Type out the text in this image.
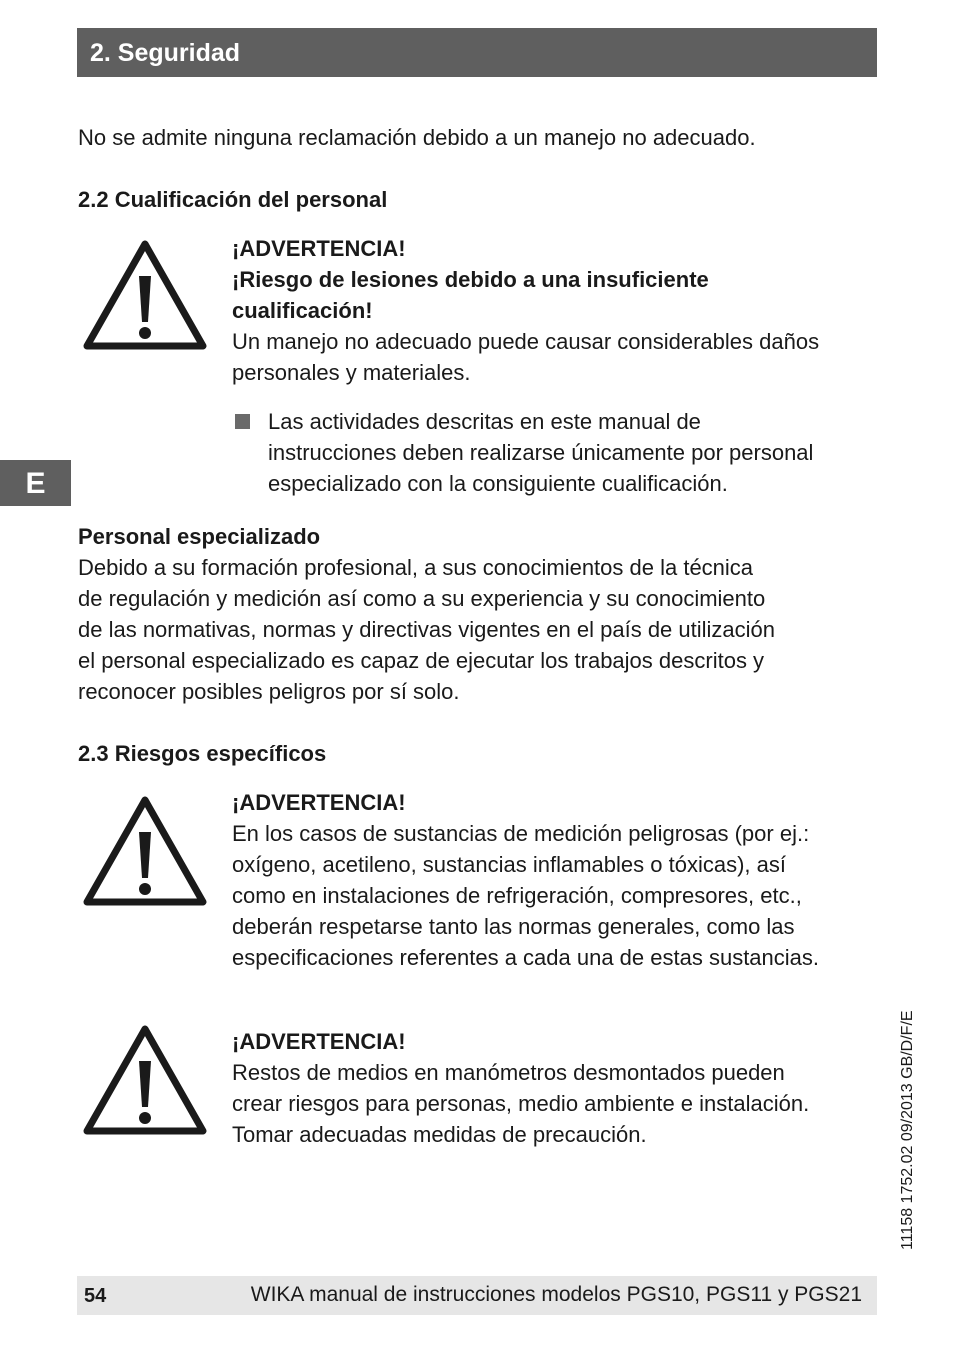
2. Seguridad
E
No se admite ninguna reclamación debido a un manejo no adecuado.
2.2 Cualificación del personal
¡ADVERTENCIA!
¡Riesgo de lesiones debido a una insuficiente
cualificación!
Un manejo no adecuado puede causar considerables daños
personales y materiales.
Las actividades descritas en este manual de
instrucciones deben realizarse únicamente por personal
especializado con la consiguiente cualificación.
Personal especializado
Debido a su formación profesional, a sus conocimientos de la técnica
de regulación y medición así como a su experiencia y su conocimiento
de las normativas, normas y directivas vigentes en el país de utilización
el personal especializado es capaz de ejecutar los trabajos descritos y
reconocer posibles peligros por sí solo.
2.3 Riesgos específicos
¡ADVERTENCIA!
En los casos de sustancias de medición peligrosas (por ej.:
oxígeno, acetileno, sustancias inflamables o tóxicas), así
como en instalaciones de refrigeración, compresores, etc.,
deberán respetarse tanto las normas generales, como las
especificaciones referentes a cada una de estas sustancias.
¡ADVERTENCIA!
Restos de medios en manómetros desmontados pueden
crear riesgos para personas, medio ambiente e instalación.
Tomar adecuadas medidas de precaución.	11158 1752.02 09/2013 GB/D/F/E
54	WIKA manual de instrucciones modelos PGS10, PGS11 y PGS21
